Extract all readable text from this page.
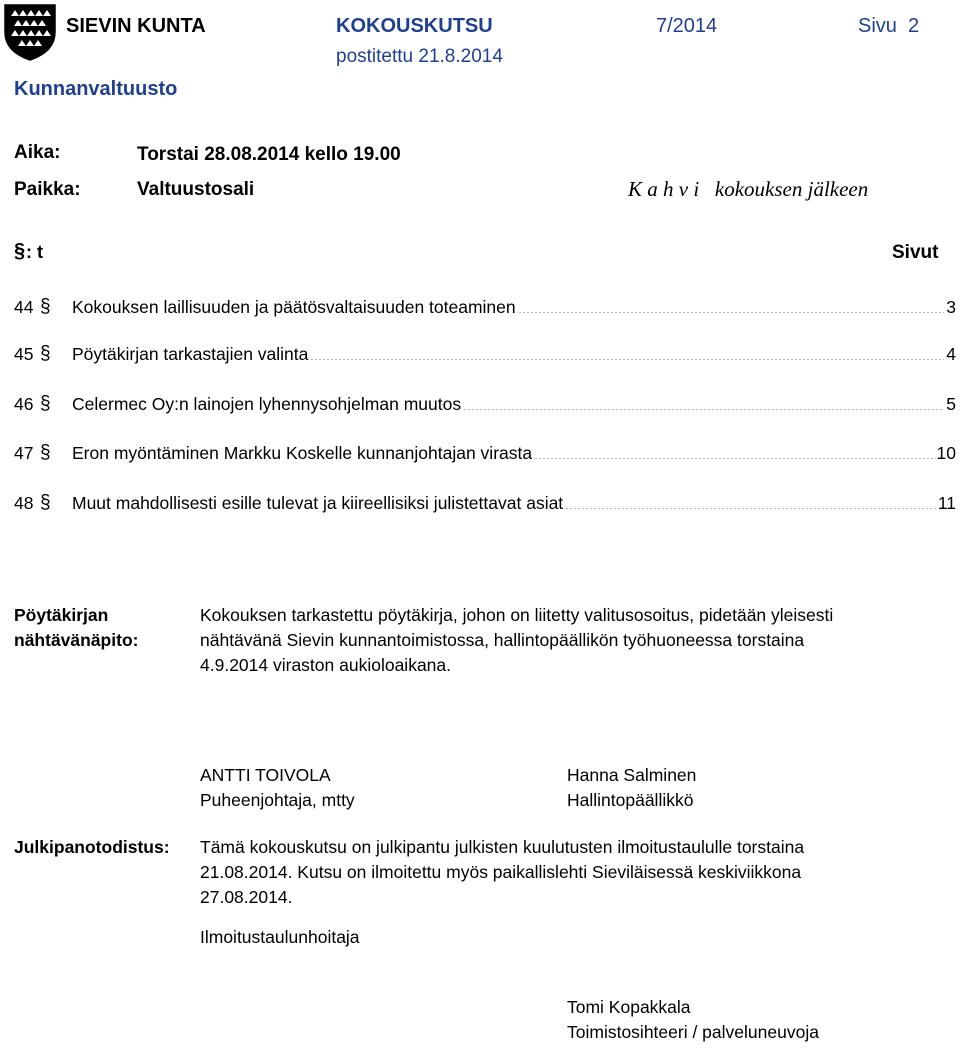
SIEVIN KUNTA	KOKOUSKUTSU	7/2014	Sivu  2
postitettu 21.8.2014
Kunnanvaltuusto
Aika:	Torstai 28.08.2014 kello 19.00
Paikka:	Valtuustosali	K a h v i   kokouksen jälkeen
§ : t	Sivut
44 § Kokouksen laillisuuden ja päätösvaltaisuuden toteaminen	3
45 § Pöytäkirjan tarkastajien valinta	4
46 § Celermec Oy:n lainojen lyhennysohjelman muutos	5
47 § Eron myöntäminen Markku Koskelle kunnanjohtajan virasta	10
48 § Muut mahdollisesti esille tulevat ja kiireellisiksi julistettavat asiat	11
Pöytäkirjan
nähtävänäpito:
Kokouksen tarkastettu pöytäkirja, johon on liitetty valitusosoitus, pidetään yleisesti
nähtävänä Sievin kunnantoimistossa, hallintopäällikön työhuoneessa torstaina
4.9.2014 viraston aukioloaikana.
ANTTI TOIVOLA
Puheenjohtaja, mtty
Hanna Salminen
Hallintopäällikkö
Julkipanotodistus: Tämä kokouskutsu on julkipantu julkisten kuulutusten ilmoitustaululle torstaina
21.08.2014. Kutsu on ilmoitettu myös paikallislehti Sieviläisessä keskiviikkona
27.08.2014.
Ilmoitustaulunhoitaja
Tomi Kopakkala
Toimistosihteeri / palveluneuvoja
